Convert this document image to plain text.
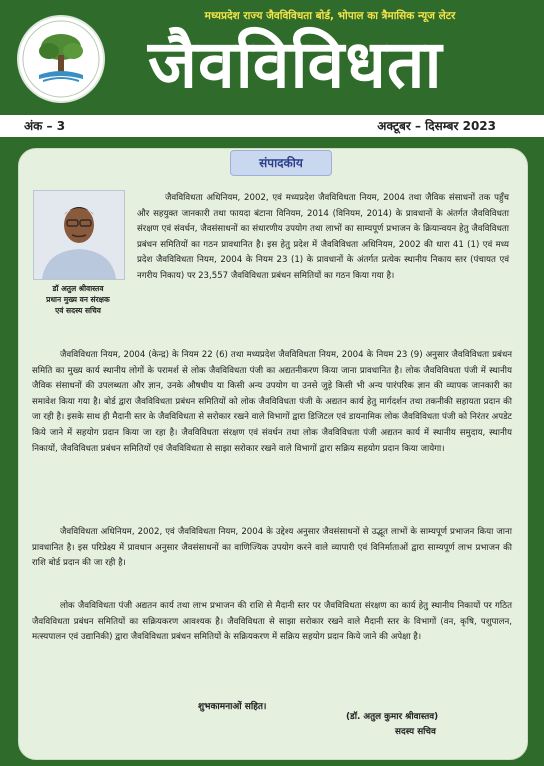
मध्यप्रदेश राज्य जैवविविधता बोर्ड, भोपाल का त्रैमासिक न्यूज लेटर
जैवविविधता
अंक – 3	अक्टूबर – दिसम्बर 2023
संपादकीय
डॉ अतुल श्रीवास्तव
प्रधान मुख्य वन संरक्षक
एवं सदस्य सचिव
जैवविविधता अधिनियम, 2002, एवं मध्यप्रदेश जैवविविधता नियम, 2004 तथा जैविक संसाधनों तक पहुँच और सहयुक्त जानकारी तथा फायदा बंटाना विनियम, 2014 (विनियम, 2014) के प्रावधानों के अंतर्गत जैवविविधता संरक्षण एवं संवर्धन, जैवसंसाधनों का संधारणीय उपयोग तथा लाभों का साम्यपूर्ण प्रभाजन के क्रियान्वयन हेतु जैवविविधता प्रबंधन समितियों का गठन प्रावधानित है। इस हेतु प्रदेश में जैवविविधता अधिनियम, 2002 की धारा 41 (1) एवं मध्य प्रदेश जैवविविधता नियम, 2004 के नियम 23 (1) के प्रावधानों के अंतर्गत प्रत्येक स्थानीय निकाय स्तर (पंचायत एवं नगरीय निकाय) पर 23,557 जैवविविधता प्रबंधन समितियों का गठन किया गया है।
जैवविविधता नियम, 2004 (केन्द्र) के नियम 22 (6) तथा मध्यप्रदेश जैवविविधता नियम, 2004 के नियम 23 (9) अनुसार जैवविविधता प्रबंधन समिति का मुख्य कार्य स्थानीय लोगों के परामर्श से लोक जैवविविधता पंजी का अद्यतनीकरण किया जाना प्रावधानित है। लोक जैवविविधता पंजी में स्थानीय जैविक संसाधनों की उपलब्धता और ज्ञान, उनके औषधीय या किसी अन्य उपयोग या उनसे जुड़े किसी भी अन्य पारंपरिक ज्ञान की व्यापक जानकारी का समावेश किया गया है। बोर्ड द्वारा जैवविविधता प्रबंधन समितियों को लोक जैवविविधता पंजी के अद्यतन कार्य हेतु मार्गदर्शन तथा तकनीकी सहायता प्रदान की जा रही है। इसके साथ ही मैदानी स्तर के जैवविविधता से सरोकार रखने वाले विभागों द्वारा डिजिटल एवं डायनामिक लोक जैवविविधता पंजी को निरंतर अपडेट किये जाने में सहयोग प्रदान किया जा रहा है। जैवविविधता संरक्षण एवं संवर्धन तथा लोक जैवविविधता पंजी अद्यतन कार्य में स्थानीय समुदाय, स्थानीय निकायों, जैवविविधता प्रबंधन समितियों एवं जैवविविधता से साझा सरोकार रखने वाले विभागों द्वारा सक्रिय सहयोग प्रदान किया जायेगा।
जैवविविधता अधिनियम, 2002, एवं जैवविविधता नियम, 2004 के उद्देश्य अनुसार जैवसंसाधनों से उद्भूत लाभों के साम्यपूर्ण प्रभाजन किया जाना प्रावधानित है। इस परिप्रेक्ष्य में प्रावधान अनुसार जैवसंसाधनों का वाणिज्यिक उपयोग करने वाले व्यापारी एवं विनिर्माताओं द्वारा साम्यपूर्ण लाभ प्रभाजन की राशि बोर्ड प्रदान की जा रही है।
लोक जैवविविधता पंजी अद्यतन कार्य तथा लाभ प्रभाजन की राशि से मैदानी स्तर पर जैवविविधता संरक्षण का कार्य हेतु स्थानीय निकायों पर गठित जैवविविधता प्रबंधन समितियों का सक्रियकरण आवश्यक है। जैवविविधता से साझा सरोकार रखने वाले मैदानी स्तर के विभागों (वन, कृषि, पशुपालन, मत्स्यपालन एवं उद्यानिकी) द्वारा जैवविविधता प्रबंधन समितियों के सक्रियकरण में सक्रिय सहयोग प्रदान किये जाने की अपेक्षा है।
शुभकामनाओं सहित।
(डॉ. अतुल कुमार श्रीवास्तव)
सदस्य सचिव
